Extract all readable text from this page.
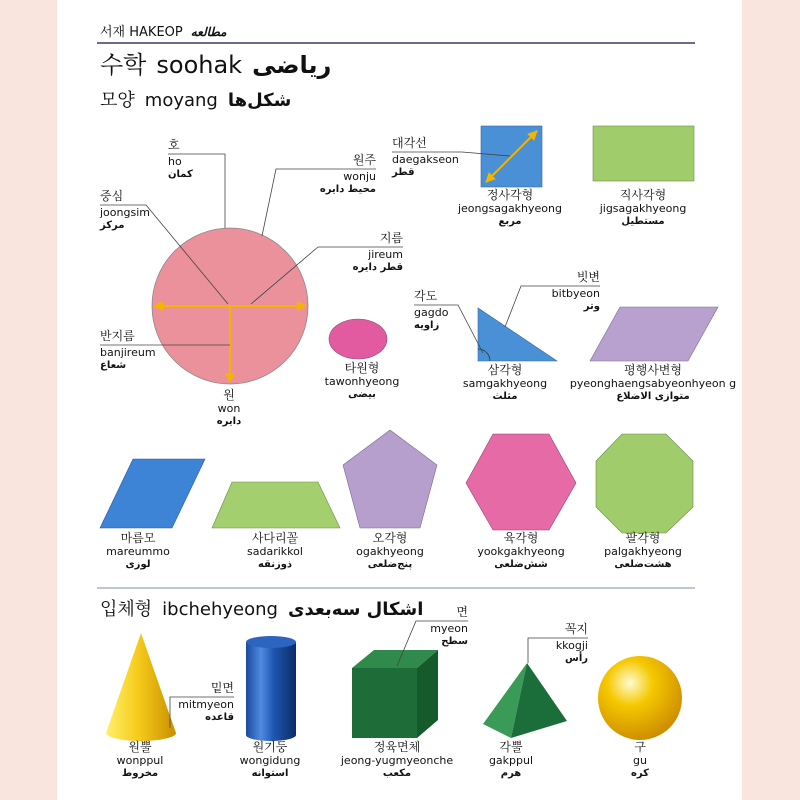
서재 HAKEOP مطالعه
수학 soohak رياضى
모양 moyang شکل‌ها
입체형 ibchehyeong اشکال سه‌بعدی
호
ho
کمان
원주
wonju
محیط دایره
중심
joongsim
مرکز
지름
jireum
قطر دایره
반지름
banjireum
شعاع
대각선
daegakseon
قطر
각도
gagdo
زاویه
빗변
bitbyeon
وتر
면
myeon
سطح
꼭지
kkogji
رأس
밑면
mitmyeon
قاعده
원
won
دایره
타원형
tawonhyeong
بیضی
정사각형
jeongsagakhyeong
مربع
직사각형
jigsagakhyeong
مستطیل
삼각형
samgakhyeong
مثلث
평행사변형
pyeonghaengsabyeonhyeon g
متوازی الاضلاع
마름모
mareummo
لوزی
사다리꼴
sadarikkol
ذوزنقه
오각형
ogakhyeong
پنج‌ضلعی
육각형
yookgakhyeong
شش‌ضلعی
팔각형
palgakhyeong
هشت‌ضلعی
원뿔
wonppul
مخروط
원기둥
wongidung
استوانه
정육면체
jeong-yugmyeonche
مکعب
각뿔
gakppul
هرم
구
gu
کره
